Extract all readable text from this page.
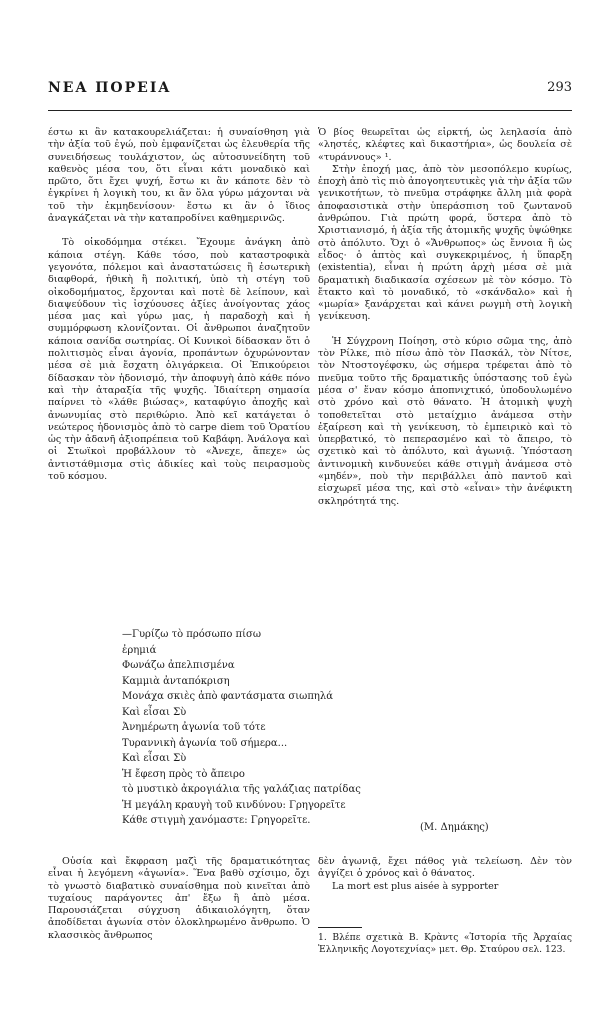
ΝΕΑ ΠΟΡΕΙΑ	293

έστω κι ἂν κατακουρελιάζεται: ἡ συναίσθηση γιὰ τὴν ἀξία τοῦ ἐγώ, ποὺ ἐμφανίζεται ὡς ἐλευθερία τῆς συνειδήσεως τουλάχιστον, ὡς αὐτοσυνείδητη τοῦ καθενὸς μέσα του, ὅτι εἶναι κάτι μοναδικὸ καὶ πρῶτο, ὅτι ἔχει ψυχή, ἔστω κι ἂν κάποτε δὲν τὸ ἐγκρίνει ἡ λογικὴ του, κι ἂν ὅλα γύρω μάχονται νὰ τοῦ τὴν ἐκμηδενίσουν· ἔστω κι ἂν ὁ ἴδιος ἀναγκάζεται νὰ τὴν καταπροδίνει καθημερινῶς.

Τὸ οἰκοδόμημα στέκει. Ἔχουμε ἀνάγκη ἀπὸ κάποια στέγη. Κάθε τόσο, ποὺ καταστροφικὰ γεγονότα, πόλεμοι καὶ ἀναστατώσεις ἢ ἐσωτερικὴ διαφθορά, ἠθικὴ ἢ πολιτική, ὑπὸ τὴ στέγη τοῦ οἰκοδομήματος, ἔρχονται καὶ ποτὲ δὲ λείπουν, καὶ διαψεύδουν τὶς ἰσχύουσες ἀξίες ἀνοίγοντας χάος μέσα μας καὶ γύρω μας, ἡ παραδοχὴ καὶ ἡ συμμόρφωση κλονίζονται. Οἱ ἄνθρωποι ἀναζητοῦν κάποια σανίδα σωτηρίας. Οἱ Κυνικοὶ δίδασκαν ὅτι ὁ πολιτισμὸς εἶναι ἀγονία, προπάντων ὀχυρώνονταν μέσα σὲ μιὰ ἔσχατη ὀλιγάρκεια. Οἱ Ἐπικούρειοι δίδασκαν τὸν ἡδονισμό, τὴν ἀποφυγὴ ἀπὸ κάθε πόνο καὶ τὴν ἀταραξία τῆς ψυχῆς. Ἰδιαίτερη σημασία παίρνει τὸ «λάθε βιώσας», καταφύγιο ἀποχῆς καὶ ἀνωνυμίας στὸ περιθώριο. Ἀπὸ κεῖ κατάγεται ὁ νεώτερος ἡδονισμὸς ἀπὸ τὸ carpe diem τοῦ Ὁρατίου ὡς τὴν ἀδανῆ ἀξιοπρέπεια τοῦ Καβάφη. Ἀνάλογα καὶ οἱ Στωϊκοὶ προβάλλουν τὸ «Ἀνεχε, ἄπεχε» ὡς ἀντιστάθμισμα στὶς ἀδικίες καὶ τοὺς πειρασμοὺς τοῦ κόσμου.

Ὁ βίος θεωρεῖται ὡς εἱρκτή, ὡς λεηλασία ἀπὸ «ληστές, κλέφτες καὶ δικαστήρια», ὡς δουλεία σὲ «τυράννους» ¹.

Στὴν ἐποχή μας, ἀπὸ τὸν μεσοπόλεμο κυρίως, ἐποχὴ ἀπὸ τὶς πιὸ ἀπογοητευτικὲς γιὰ τὴν ἀξία τῶν γενικοτήτων, τὸ πνεῦμα στράφηκε ἄλλη μιὰ φορὰ ἀποφασιστικὰ στὴν ὑπεράσπιση τοῦ ζωντανοῦ ἀνθρώπου. Γιὰ πρώτη φορά, ὕστερα ἀπὸ τὸ Χριστιανισμό, ἡ ἀξία τῆς ἀτομικῆς ψυχῆς ὑψώθηκε στὸ ἀπόλυτο. Ὄχι ὁ «Ἄνθρωπος» ὡς ἔννοια ἢ ὡς εἶδος· ὁ ἀπτὸς καὶ συγκεκριμένος, ἡ ὕπαρξη (existentia), εἶναι ἡ πρώτη ἀρχὴ μέσα σὲ μιὰ δραματικὴ διαδικασία σχέσεων μὲ τὸν κόσμο. Τὸ ἔτακτο καὶ τὸ μοναδικό, τὸ «σκάνδαλο» καὶ ἡ «μωρία» ξανάρχεται καὶ κάνει ρωγμὴ στὴ λογικὴ γενίκευση.

Ἡ Σύγχρονη Ποίηση, στὸ κύριο σῶμα της, ἀπὸ τὸν Ρίλκε, πιὸ πίσω ἀπὸ τὸν Πασκάλ, τὸν Νίτσε, τὸν Ντοστογέφσκυ, ὡς σήμερα τρέφεται ἀπὸ τὸ πνεῦμα τοῦτο τῆς δραματικῆς ὑπόστασης τοῦ ἐγὼ μέσα σ' ἕναν κόσμο ἀποπνιχτικό, ὑποδουλωμένο στὸ χρόνο καὶ στὸ θάνατο. Ἡ ἀτομικὴ ψυχὴ τοποθετεῖται στὸ μεταίχμιο ἀνάμεσα στὴν ἐξαίρεση καὶ τὴ γενίκευση, τὸ ἐμπειρικὸ καὶ τὸ ὑπερβατικό, τὸ πεπερασμένο καὶ τὸ ἄπειρο, τὸ σχετικὸ καὶ τὸ ἀπόλυτο, καὶ ἀγωνιᾷ. Ὑπόσταση ἀντινομικὴ κινδυνεύει κάθε στιγμὴ ἀνάμεσα στὸ «μηδέν», ποὺ τὴν περιβάλλει ἀπὸ παντοῦ καὶ εἰσχωρεῖ μέσα της, καὶ στὸ «εἶναι» τὴν ἀνέφικτη σκληρότητά της.

—Γυρίζω τὸ πρόσωπο πίσω
ἐρημιά
Φωνάζω ἀπελπισμένα
Καμμιὰ ἀνταπόκριση
Μονάχα σκιὲς ἀπὸ φαντάσματα σιωπηλά
Καὶ εἶσαι Σὺ
Ἀνημέρωτη ἀγωνία τοῦ τότε
Τυραννικὴ ἀγωνία τοῦ σήμερα...
Καὶ εἶσαι Σὺ
Ἡ ἔφεση πρὸς τὸ ἄπειρο
τὸ μυστικὸ ἀκρογιάλια τῆς γαλάζιας πατρίδας
Ἡ μεγάλη κραυγὴ τοῦ κινδύνου: Γρηγορεῖτε
Κάθε στιγμὴ χανόμαστε: Γρηγορεῖτε.
(Μ. Δημάκης)

Οὐσία καὶ ἔκφραση μαζὶ τῆς δραματικότητας εἶναι ἡ λεγόμενη «ἀγωνία». Ἕνα βαθὺ σχίσιμο, ὄχι τὸ γνωστὸ διαβατικὸ συναίσθημα ποὺ κινεῖται ἀπὸ τυχαίους παράγοντες ἀπ' ἔξω ἢ ἀπὸ μέσα. Παρουσιάζεται σύγχυση ἀδικαιολόγητη, ὅταν ἀποδίδεται ἀγωνία στὸν ὁλοκληρωμένο ἄνθρωπο. Ὁ κλασσικὸς ἄνθρωπος

δὲν ἀγωνιᾷ, ἔχει πάθος γιὰ τελείωση. Δὲν τὸν ἀγγίζει ὁ χρόνος καὶ ὁ θάνατος.

La mort est plus aisée à sypporter

1. Βλέπε σχετικὰ Β. Κρὰντς «Ἱστορία τῆς Ἀρχαίας Ἑλληνικῆς Λογοτεχνίας» μετ. Θρ. Σταύρου σελ. 123.
